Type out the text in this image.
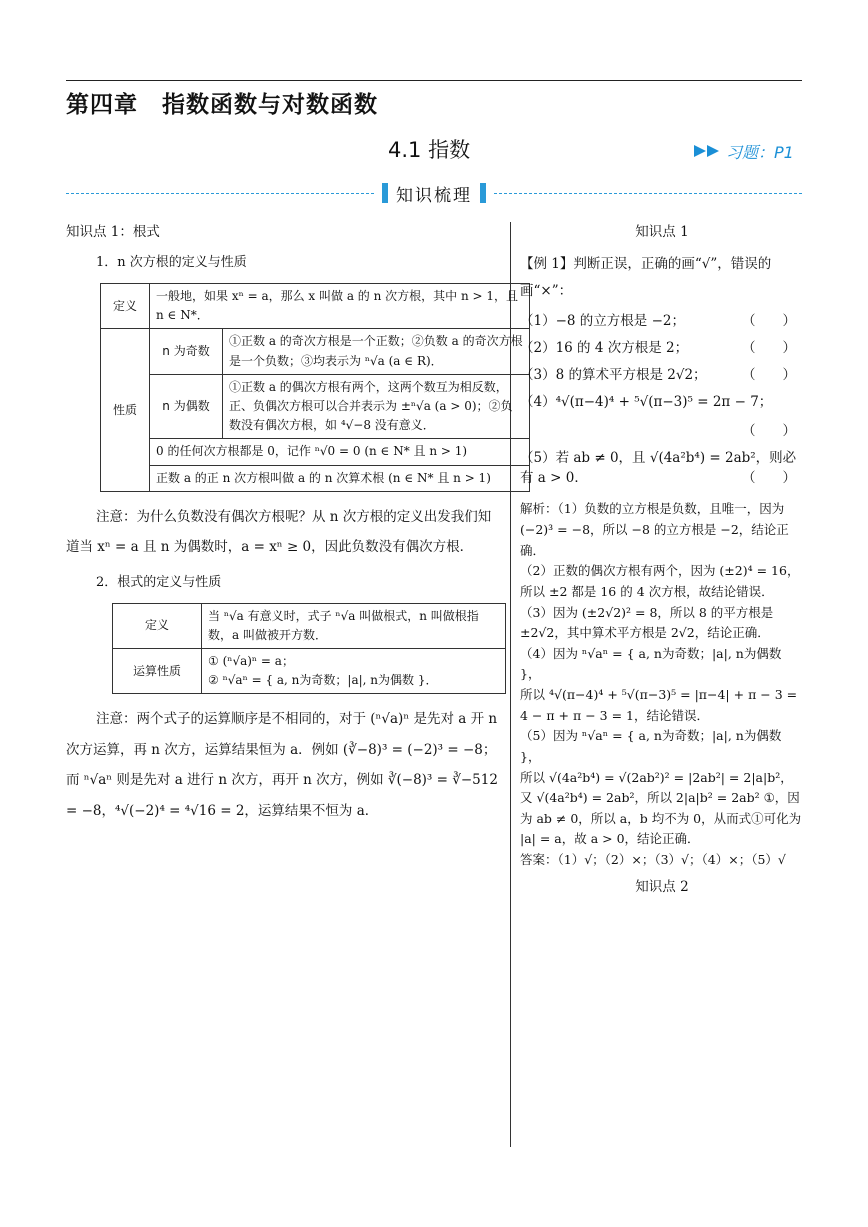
第四章　指数函数与对数函数
4.1 指数	习题：P1
知识梳理

知识点 1：根式

1．n 次方根的定义与性质

定义	一般地，如果 xⁿ = a，那么 x 叫做 a 的 n 次方根，其中 n > 1，且 n ∈ N*．	
性质	n 为奇数	①正数 a 的奇次方根是一个正数；②负数 a 的奇次方根是一个负数；③均表示为 ⁿ√a (a ∈ R)．
	n 为偶数	①正数 a 的偶次方根有两个，这两个数互为相反数，正、负偶次方根可以合并表示为 ±ⁿ√a (a > 0)；②负数没有偶次方根，如 ⁴√−8 没有意义．
	0 的任何次方根都是 0，记作 ⁿ√0 = 0 (n ∈ N* 且 n > 1)	
	正数 a 的正 n 次方根叫做 a 的 n 次算术根 (n ∈ N* 且 n > 1)	

注意：为什么负数没有偶次方根呢？从 n 次方根的定义出发我们知道当 xⁿ = a 且 n 为偶数时，a = xⁿ ≥ 0，因此负数没有偶次方根．

2．根式的定义与性质

定义	当 ⁿ√a 有意义时，式子 ⁿ√a 叫做根式，n 叫做根指数，a 叫做被开方数．
运算性质	① (ⁿ√a)ⁿ = a；
② ⁿ√aⁿ = { a, n为奇数；|a|, n为偶数 }．

注意：两个式子的运算顺序是不相同的，对于 (ⁿ√a)ⁿ 是先对 a 开 n 次方运算，再 n 次方，运算结果恒为 a．例如 (∛−8)³ = (−2)³ = −8；而 ⁿ√aⁿ 则是先对 a 进行 n 次方，再开 n 次方，例如 ∛(−8)³ = ∛−512 = −8，⁴√(−2)⁴ = ⁴√16 = 2，运算结果不恒为 a．

知识点 1

【例 1】判断正误，正确的画“√”，错误的画“×”：

（1）−8 的立方根是 −2；	（　　）
（2）16 的 4 次方根是 2；	（　　）
（3）8 的算术平方根是 2√2；	（　　）
（4）⁴√(π−4)⁴ + ⁵√(π−3)⁵ = 2π − 7；
（　　）
（5）若 ab ≠ 0，且 √(4a²b⁴) = 2ab²，则必有 a > 0．	（　　）

解析：（1）负数的立方根是负数，且唯一，因为 (−2)³ = −8，所以 −8 的立方根是 −2，结论正确．

（2）正数的偶次方根有两个，因为 (±2)⁴ = 16，所以 ±2 都是 16 的 4 次方根，故结论错误．

（3）因为 (±2√2)² = 8，所以 8 的平方根是 ±2√2，其中算术平方根是 2√2，结论正确．

（4）因为 ⁿ√aⁿ = { a, n为奇数；|a|, n为偶数 }，

所以 ⁴√(π−4)⁴ + ⁵√(π−3)⁵ = |π−4| + π − 3 = 4 − π + π − 3 = 1，结论错误．

（5）因为 ⁿ√aⁿ = { a, n为奇数；|a|, n为偶数 }，

所以 √(4a²b⁴) = √(2ab²)² = |2ab²| = 2|a|b²，又 √(4a²b⁴) = 2ab²，所以 2|a|b² = 2ab² ①，因为 ab ≠ 0，所以 a，b 均不为 0，从而式①可化为 |a| = a，故 a > 0，结论正确．

答案：（1）√；（2）×；（3）√；（4）×；（5）√

知识点 2
